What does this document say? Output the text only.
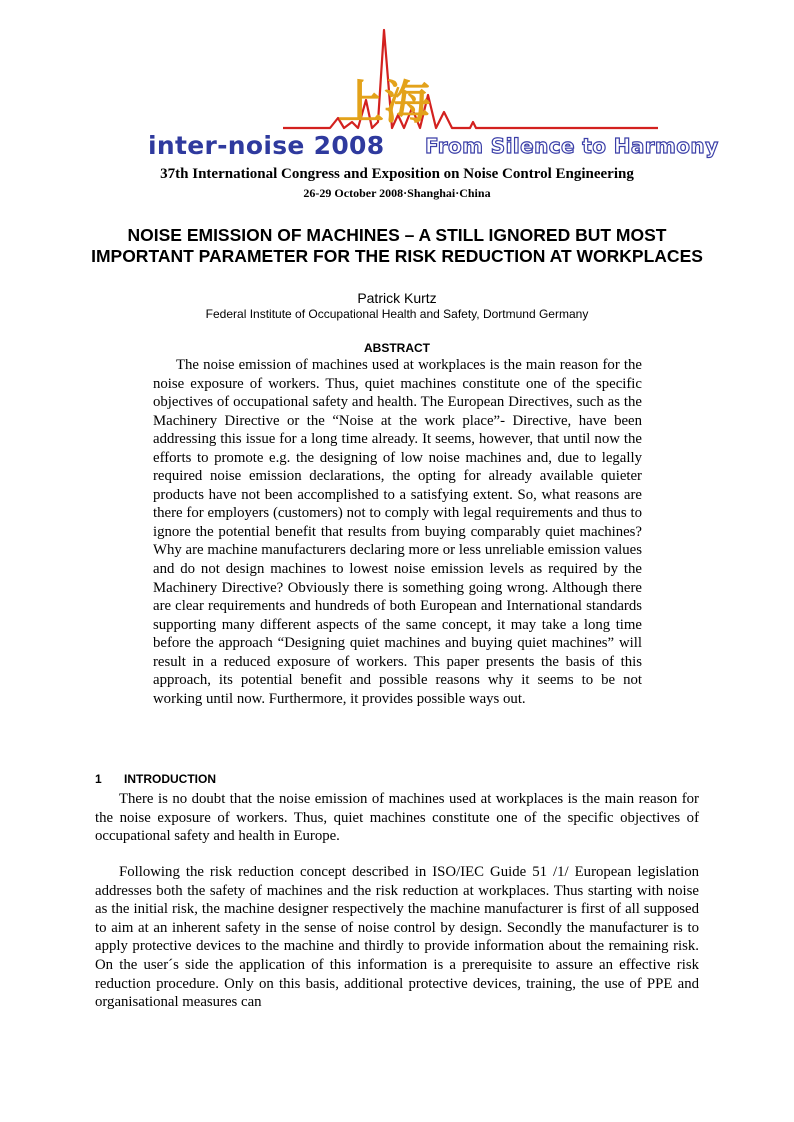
上海
inter-noise 2008 From Silence to Harmony
37th International Congress and Exposition on Noise Control Engineering
26-29 October 2008·Shanghai·China
NOISE EMISSION OF MACHINES – A STILL IGNORED BUT MOST IMPORTANT PARAMETER FOR THE RISK REDUCTION AT WORKPLACES
Patrick Kurtz
Federal Institute of Occupational Health and Safety, Dortmund Germany
ABSTRACT

The noise emission of machines used at workplaces is the main reason for the noise exposure of workers. Thus, quiet machines constitute one of the specific objectives of occupational safety and health. The European Directives, such as the Machinery Directive or the “Noise at the work place”- Directive, have been addressing this issue for a long time already. It seems, however, that until now the efforts to promote e.g. the designing of low noise machines and, due to legally required noise emission declarations, the opting for already available quieter products have not been accomplished to a satisfying extent. So, what reasons are there for employers (customers) not to comply with legal requirements and thus to ignore the potential benefit that results from buying comparably quiet machines? Why are machine manufacturers declaring more or less unreliable emission values and do not design machines to lowest noise emission levels as required by the Machinery Directive? Obviously there is something going wrong. Although there are clear requirements and hundreds of both European and International standards supporting many different aspects of the same concept, it may take a long time before the approach “Designing quiet machines and buying quiet machines” will result in a reduced exposure of workers. This paper presents the basis of this approach, its potential benefit and possible reasons why it seems to be not working until now. Furthermore, it provides possible ways out.

1 INTRODUCTION

There is no doubt that the noise emission of machines used at workplaces is the main reason for the noise exposure of workers. Thus, quiet machines constitute one of the specific objectives of occupational safety and health in Europe.

Following the risk reduction concept described in ISO/IEC Guide 51 /1/ European legislation addresses both the safety of machines and the risk reduction at workplaces. Thus starting with noise as the initial risk, the machine designer respectively the machine manufacturer is first of all supposed to aim at an inherent safety in the sense of noise control by design. Secondly the manufacturer is to apply protective devices to the machine and thirdly to provide information about the remaining risk. On the user´s side the application of this information is a prerequisite to assure an effective risk reduction procedure. Only on this basis, additional protective devices, training, the use of PPE and organisational measures can
